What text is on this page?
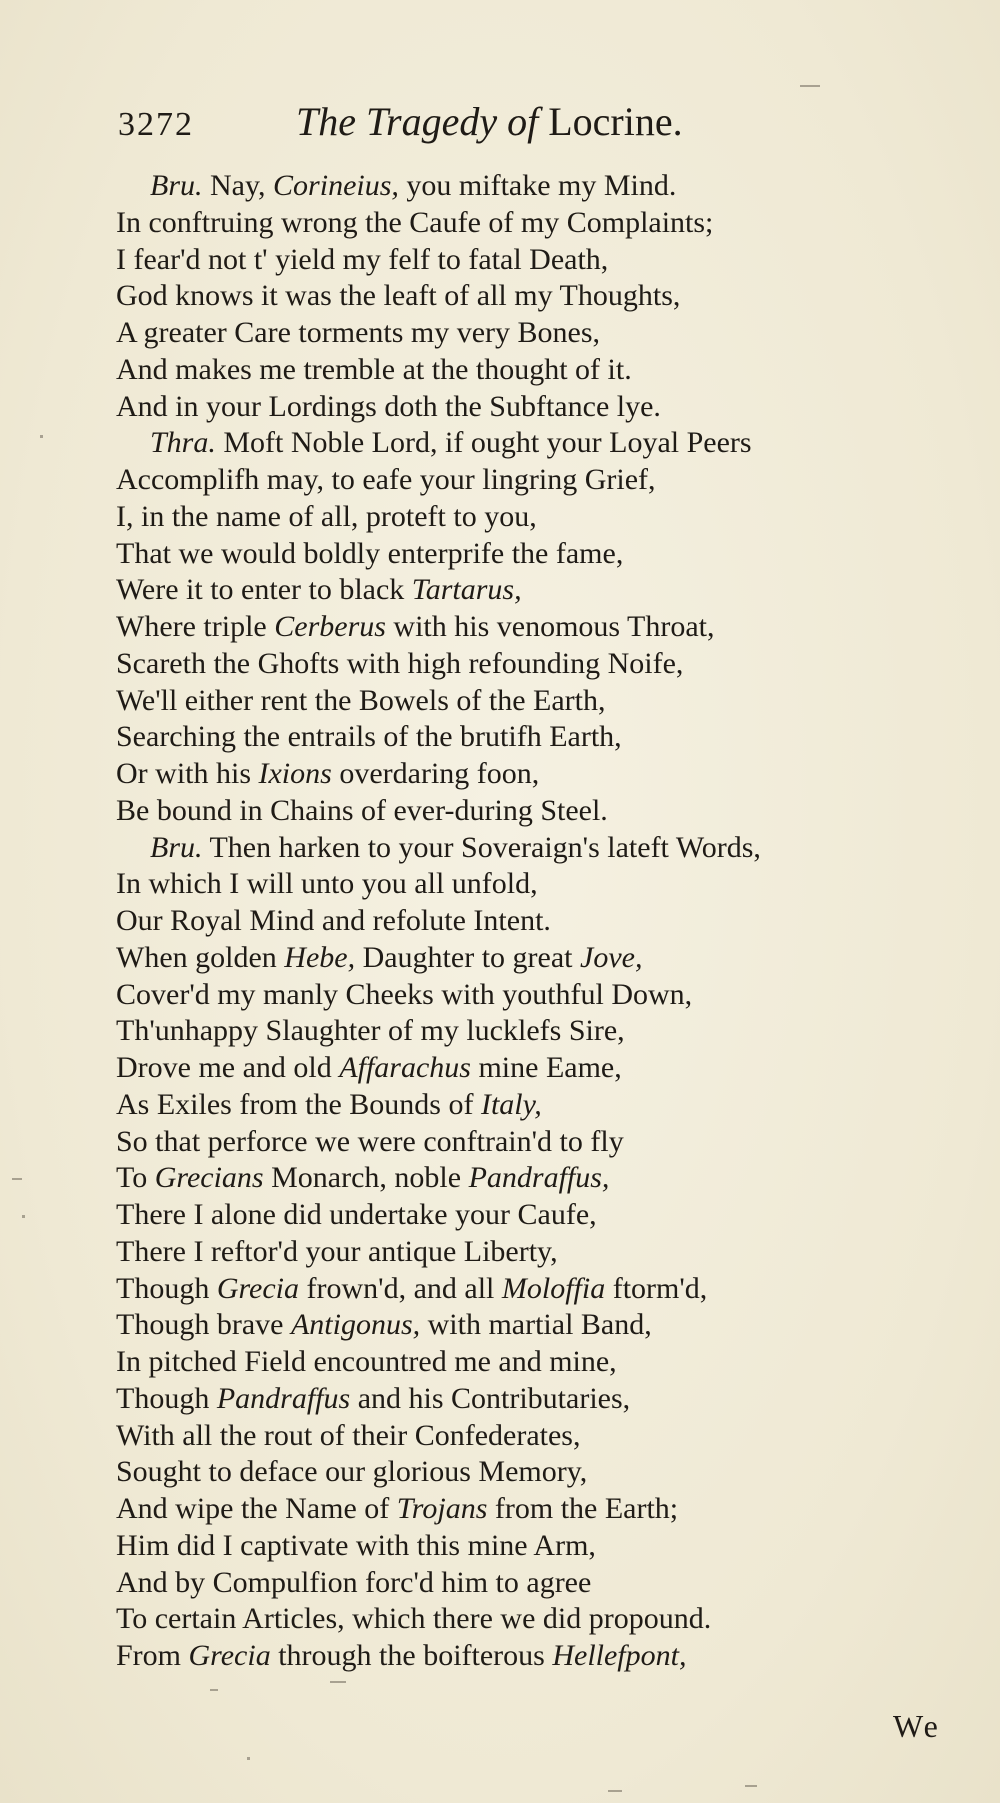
3272	The Tragedy of Locrine.
Bru. Nay, Corineius, you miftake my Mind.
In conftruing wrong the Caufe of my Complaints;
I fear'd not t' yield my felf to fatal Death,
God knows it was the leaft of all my Thoughts,
A greater Care torments my very Bones,
And makes me tremble at the thought of it.
And in your Lordings doth the Subftance lye.
Thra. Moft Noble Lord, if ought your Loyal Peers
Accomplifh may, to eafe your lingring Grief,
I, in the name of all, proteft to you,
That we would boldly enterprife the fame,
Were it to enter to black Tartarus,
Where triple Cerberus with his venomous Throat,
Scareth the Ghofts with high refounding Noife,
We'll either rent the Bowels of the Earth,
Searching the entrails of the brutifh Earth,
Or with his Ixions overdaring foon,
Be bound in Chains of ever-during Steel.
Bru. Then harken to your Soveraign's lateft Words,
In which I will unto you all unfold,
Our Royal Mind and refolute Intent.
When golden Hebe, Daughter to great Jove,
Cover'd my manly Cheeks with youthful Down,
Th'unhappy Slaughter of my lucklefs Sire,
Drove me and old Affarachus mine Eame,
As Exiles from the Bounds of Italy,
So that perforce we were conftrain'd to fly
To Grecians Monarch, noble Pandraffus,
There I alone did undertake your Caufe,
There I reftor'd your antique Liberty,
Though Grecia frown'd, and all Moloffia ftorm'd,
Though brave Antigonus, with martial Band,
In pitched Field encountred me and mine,
Though Pandraffus and his Contributaries,
With all the rout of their Confederates,
Sought to deface our glorious Memory,
And wipe the Name of Trojans from the Earth;
Him did I captivate with this mine Arm,
And by Compulfion forc'd him to agree
To certain Articles, which there we did propound.
From Grecia through the boifterous Hellefpont,
We
